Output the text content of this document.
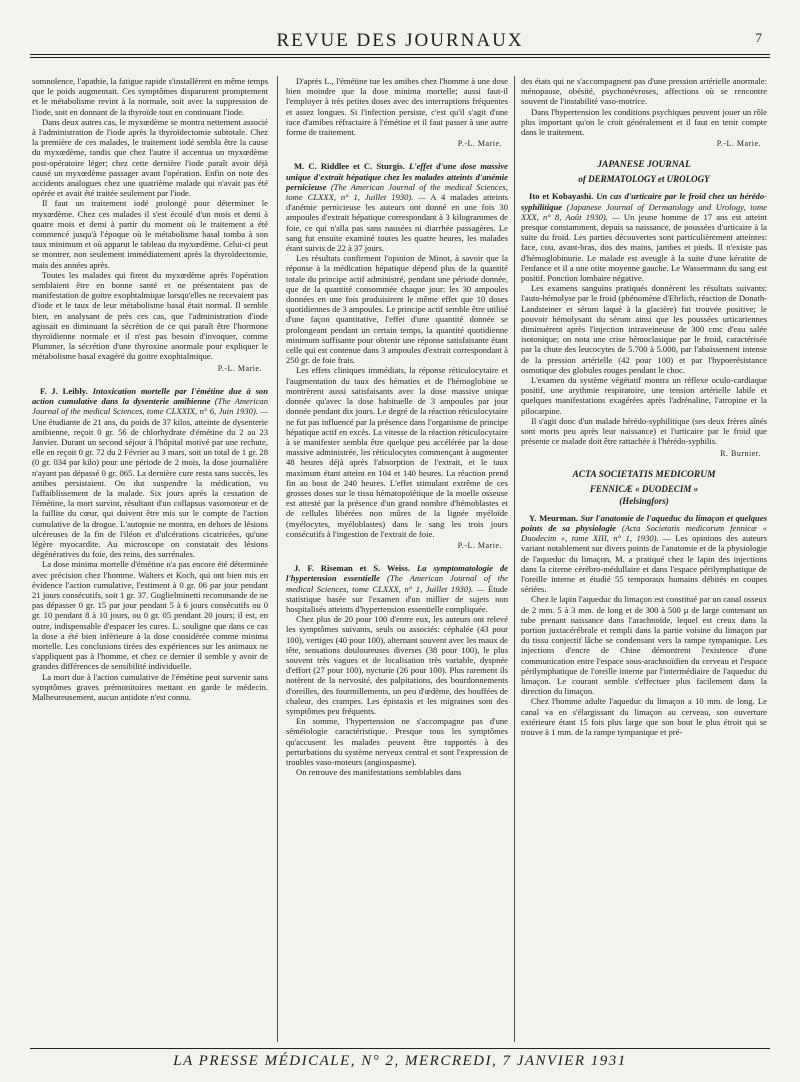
REVUE DES JOURNAUX	7

somnolence, l'apathie, la fatigue rapide s'installèrent en même temps que le poids augmentait. Ces symptômes disparurent promptement et le métabolisme revint à la normale, soit avec la suppression de l'iode, soit en donnant de la thyroïde tout en continuant l'iode.

Dans deux autres cas, le myxœdème se montra nettement associé à l'administration de l'iode après la thyroïdectomie subtotale. Chez la première de ces malades, le traitement iodé sembla être la cause du myxœdème, tandis que chez l'autre il accentua un myxœdème post-opératoire léger; chez cette dernière l'iode paraît avoir déjà causé un myxœdème passager avant l'opération. Enfin on note des accidents analogues chez une quatrième malade qui n'avait pas été opérée et avait été traitée seulement par l'iode.

Il faut un traitement iodé prolongé pour déterminer le myxœdème. Chez ces malades il s'est écoulé d'un mois et demi à quatre mois et demi à partir du moment où le traitement a été commencé jusqu'à l'époque où le métabolisme basal tomba à son taux minimum et où apparut le tableau du myxœdème. Celui-ci peut se montrer, non seulement immédiatement après la thyroïdectomie, mais des années après.

Toutes les malades qui firent du myxœdème après l'opération semblaient être en bonne santé et ne présentaient pas de manifestation de goitre exophtalmique lorsqu'elles ne recevaient pas d'iode et le taux de leur métabolisme basal était normal. Il semble bien, en analysant de près ces cas, que l'administration d'iode agissait en diminuant la sécrétion de ce qui paraît être l'hormone thyroïdienne normale et il n'est pas besoin d'invoquer, comme Plummer, la sécrétion d'une thyroxine anormale pour expliquer le métabolisme basal exagéré du goitre exophtalmique.

P.-L. Marie.

F. J. Leibly. Intoxication mortelle par l'émétine due à son action cumulative dans la dysenterie amibienne (The American Journal of the medical Sciences, tome CLXXIX, n° 6, Juin 1930). — Une étudiante de 21 ans, du poids de 37 kilos, atteinte de dysenterie amibienne, reçoit 0 gr. 56 de chlorhydrate d'émétine du 2 au 23 Janvier. Durant un second séjour à l'hôpital motivé par une rechute, elle en reçoit 0 gr. 72 du 2 Février au 3 mars, soit un total de 1 gr. 28 (0 gr. 034 par kilo) pour une période de 2 mois, la dose journalière n'ayant pas dépassé 0 gr. 065. La dernière cure resta sans succès, les amibes persistaient. On dut suspendre la médication, vu l'affaiblissement de la malade. Six jours après la cessation de l'émétine, la mort survint, résultant d'un collapsus vasomoteur et de la faillite du cœur, qui doivent être mis sur le compte de l'action cumulative de la drogue. L'autopsie ne montra, en dehors de lésions ulcéreuses de la fin de l'iléon et d'ulcérations cicatricées, qu'une légère myocardite. Au microscope on constatait des lésions dégénératives du foie, des reins, des surrénales.

La dose minima mortelle d'émétine n'a pas encore été déterminée avec précision chez l'homme. Walters et Koch, qui ont bien mis en évidence l'action cumulative, l'estiment à 0 gr. 06 par jour pendant 21 jours consécutifs, soit 1 gr. 37. Guglielminetti recommande de ne pas dépasser 0 gr. 15 par jour pendant 5 à 6 jours consécutifs ou 0 gr. 10 pendant 8 à 10 jours, ou 0 gr. 05 pendant 20 jours; il est, en outre, indispensable d'espacer les cures. L. souligne que dans ce cas la dose a été bien inférieure à la dose considérée comme minima mortelle. Les conclusions tirées des expériences sur les animaux ne s'appliquent pas à l'homme, et chez ce dernier il semble y avoir de grandes différences de sensibilité individuelle.

La mort due à l'action cumulative de l'émétine peut survenir sans symptômes graves prémonitoires mettant en garde le médecin. Malheureusement, aucun antidote n'est connu.

D'après L., l'émétine tue les amibes chez l'homme à une dose bien moindre que la dose minima mortelle; aussi faut-il l'employer à très petites doses avec des interruptions fréquentes et assez longues. Si l'infection persiste, c'est qu'il s'agit d'une race d'amibes réfractaire à l'émétine et il faut passer à une autre forme de traitement.

P.-L. Marie.

M. C. Riddlee et C. Sturgis. L'effet d'une dose massive unique d'extrait hépatique chez les malades atteints d'anémie pernicieuse (The American Journal of the medical Sciences, tome CLXXX, n° 1, Juillet 1930). — A 4 malades atteints d'anémie pernicieuse les auteurs ont donné en une fois 30 ampoules d'extrait hépatique correspondant à 3 kilogrammes de foie, ce qui n'alla pas sans nausées ni diarrhée passagères. Le sang fut ensuite examiné toutes les quatre heures, les malades étant suivis de 22 à 37 jours.

Les résultats confirment l'opinion de Minot, à savoir que la réponse à la médication hépatique dépend plus de la quantité totale du principe actif administré, pendant une période donnée, que de la quantité consommée chaque jour: les 30 ampoules données en une fois produisirent le même effet que 10 doses quotidiennes de 3 ampoules. Le principe actif semble être utilisé d'une façon quantitative, l'effet d'une quantité donnée se prolongeant pendant un certain temps, la quantité quotidienne minimum suffisante pour obtenir une réponse satisfaisante étant celle qui est contenue dans 3 ampoules d'extrait correspondant à 250 gr. de foie frais.

Les effets cliniques immédiats, la réponse réticulocytaire et l'augmentation du taux des hématies et de l'hémoglobine se montrèrent aussi satisfaisants avec la dose massive unique donnée qu'avec la dose habituelle de 3 ampoules par jour donnée pendant dix jours. Le degré de la réaction réticulocytaire ne fut pas influencé par la présence dans l'organisme de principe hépatique actif en excès. La vitesse de la réaction réticulocytaire à se manifester sembla être quelque peu accélérée par la dose massive administrée, les réticulocytes commençant à augmenter 48 heures déjà après l'absorption de l'extrait, et le taux maximum étant atteint en 104 et 140 heures. La réaction prend fin au bout de 240 heures. L'effet stimulant extrême de ces grosses doses sur le tissu hématopoïétique de la moelle osseuse est attesté par la présence d'un grand nombre d'hémoblastes et de cellules libérées non mûres de la lignée myéloïde (myélocytes, myéloblastes) dans le sang les trois jours consécutifs à l'ingestion de l'extrait de foie.

P.-L. Marie.

J. F. Riseman et S. Weiss. La symptomatologie de l'hypertension essentielle (The American Journal of the medical Sciences, tome CLXXX, n° 1, Juillet 1930). — Étude statistique basée sur l'examen d'un millier de sujets non hospitalisés atteints d'hypertension essentielle compliquée.

Chez plus de 20 pour 100 d'entre eux, les auteurs ont relevé les symptômes suivants, seuls ou associés: céphalée (43 pour 100), vertiges (40 pour 100), alternant souvent avec les maux de tête, sensations douloureuses diverses (38 pour 100), le plus souvent très vagues et de localisation très variable, dyspnée d'effort (27 pour 100), nycturie (26 pour 100). Plus rarement ils notèrent de la nervosité, des palpitations, des bourdonnements d'oreilles, des fourmillements, un peu d'œdème, des bouffées de chaleur, des crampes. Les épistaxis et les migraines sont des symptômes peu fréquents.

En somme, l'hypertension ne s'accompagne pas d'une séméiologie caractéristique. Presque tous les symptômes qu'accusent les malades peuvent être rapportés à des perturbations du système nerveux central et sont l'expression de troubles vaso-moteurs (angiospasme).

On retrouve des manifestations semblables dans

des états qui ne s'accompagnent pas d'une pression artérielle anormale: ménopause, obésité, psychonévroses, affections où se rencontre souvent de l'instabilité vaso-motrice.

Dans l'hypertension les conditions psychiques peuvent jouer un rôle plus important qu'on le croit généralement et il faut en tenir compte dans le traitement.

P.-L. Marie.
JAPANESE JOURNAL
of DERMATOLOGY et UROLOGY

Ito et Kobayashi. Un cas d'urticaire par le froid chez un hérédo-syphilitique (Japanese Journal of Dermatology and Urology, tome XXX, n° 8, Août 1930). — Un jeune homme de 17 ans est atteint presque constamment, depuis sa naissance, de poussées d'urticaire à la suite du froid. Les parties découvertes sont particulièrement atteintes: face, cou, avant-bras, dos des mains, jambes et pieds. Il n'existe pas d'hémoglobinurie. Le malade est aveugle à la suite d'une kératite de l'enfance et il a une otite moyenne gauche. Le Wassermann du sang est positif. Ponction lombaire négative.

Les examens sanguins pratiqués donnèrent les résultats suivants: l'auto-hémolyse par le froid (phénomène d'Ehrlich, réaction de Donath-Landsteiner et sérum laqué à la glacière) fut trouvée positive; le pouvoir hémolysant du sérum ainsi que les poussées urticariennes diminuèrent après l'injection intraveineuse de 300 cmc d'eau salée isotonique; on nota une crise hémoclasique par le froid, caractérisée par la chute des leucocytes de 5.700 à 5.000, par l'abaissement intense de la pression artérielle (42 pour 100) et par l'hypoerésistance osmotique des globules rouges pendant le choc.

L'examen du système végétatif montra un réflexe oculo-cardiaque positif, une arythmie respiratoire, une tension artérielle labile et quelques manifestations exagérées après l'adrénaline, l'atropine et la pilocarpine.

Il s'agit donc d'un malade hérédo-syphilitique (ses deux frères aînés sont morts peu après leur naissance) et l'urticaire par le froid que présente ce malade doit être rattachée à l'hérédo-syphilis.

R. Burnier.
ACTA SOCIETATIS MEDICORUM
FENNICÆ « DUODECIM »
(Helsingfors)

Y. Meurman. Sur l'anatomie de l'aqueduc du limaçon et quelques points de sa physiologie (Acta Societatis medicorum fennicæ « Duodecim », tome XIII, n° 1, 1930). — Les opinions des auteurs variant notablement sur divers points de l'anatomie et de la physiologie de l'aqueduc du limaçon, M. a pratiqué chez le lapin des injections dans la citerne cérébro-médullaire et dans l'espace périlymphatique de l'oreille interne et étudié 55 temporaux humains débités en coupes sériées.

Chez le lapin l'aqueduc du limaçon est constitué par un canal osseux de 2 mm. 5 à 3 mm. de long et de 300 à 500 µ de large contenant un tube prenant naissance dans l'arachnoïde, lequel est creux dans la portion juxtacérébrale et rempli dans la partie voisine du limaçon par du tissu conjectif lâche se condensant vers la rampe tympanique. Les injections d'encre de Chine démontrent l'existence d'une communication entre l'espace sous-arachnoïdien du cerveau et l'espace périlymphatique de l'oreille interne par l'intermédiaire de l'aqueduc du limaçon. Le courant semble s'effectuer plus facilement dans la direction du limaçon.

Chez l'homme adulte l'aqueduc du limaçon a 10 mm. de long. Le canal va en s'élargissant du limaçon au cerveau, son ouverture extérieure étant 15 fois plus large que son bout le plus étroit qui se trouve à 1 mm. de la rampe tympanique et pré-

LA PRESSE MÉDICALE, N° 2, MERCREDI, 7 JANVIER 1931
